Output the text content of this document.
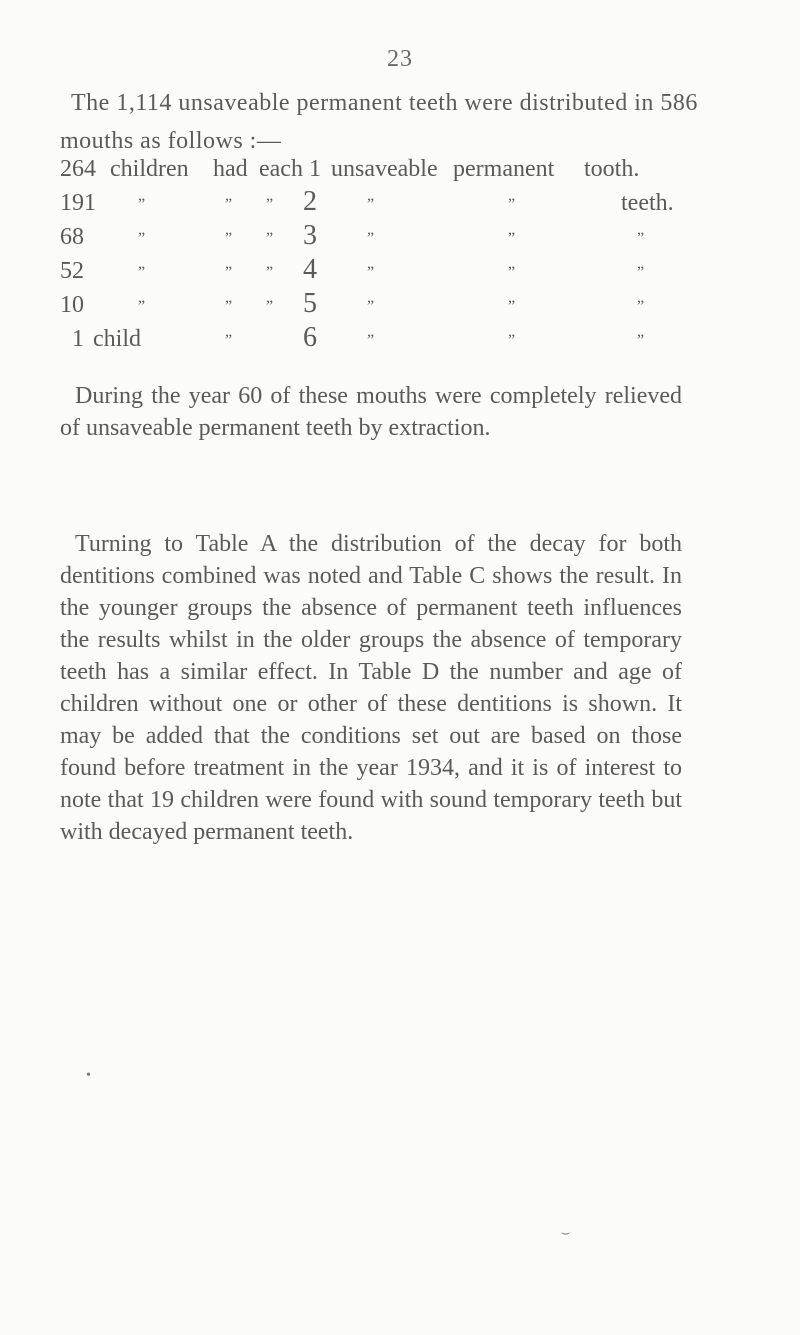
23
The 1,114 unsaveable permanent teeth were distributed in 586
mouths as follows :—
264 children had each 1 unsaveable permanent tooth.
191	”	” ” 2	”	”	teeth.
68	”	” ” 3	”	”	”
52	”	” ” 4	”	”	”
10	”	” ” 5	”	”	”
1 child	” 6	”	”	”

During the year 60 of these mouths were completely relieved of unsaveable permanent teeth by extraction.

Turning to Table A the distribution of the decay for both dentitions combined was noted and Table C shows the result. In the younger groups the absence of permanent teeth influences the results whilst in the older groups the absence of temporary teeth has a similar effect. In Table D the number and age of children without one or other of these dentitions is shown. It may be added that the conditions set out are based on those found before treatment in the year 1934, and it is of interest to note that 19 children were found with sound temporary teeth but with decayed permanent teeth.

•
⌣
